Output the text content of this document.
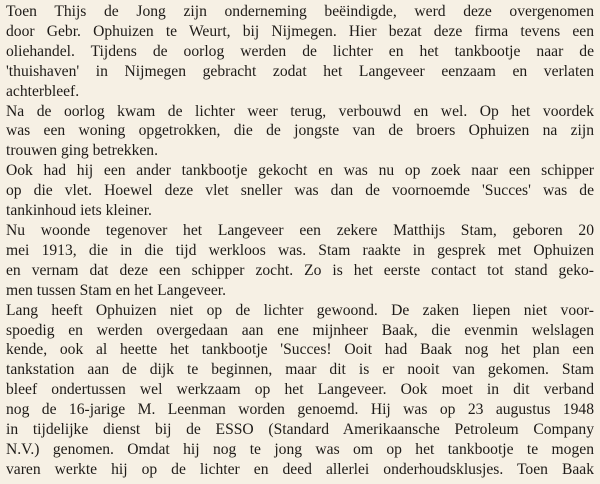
Toen Thijs de Jong zijn onderneming beëindigde, werd deze overgenomen
door Gebr. Ophuizen te Weurt, bij Nijmegen. Hier bezat deze firma tevens een
oliehandel. Tijdens de oorlog werden de lichter en het tankbootje naar de
'thuishaven' in Nijmegen gebracht zodat het Langeveer eenzaam en verlaten
achterbleef.
Na de oorlog kwam de lichter weer terug, verbouwd en wel. Op het voordek
was een woning opgetrokken, die de jongste van de broers Ophuizen na zijn
trouwen ging betrekken.
Ook had hij een ander tankbootje gekocht en was nu op zoek naar een schipper
op die vlet. Hoewel deze vlet sneller was dan de voornoemde 'Succes' was de
tankinhoud iets kleiner.
Nu woonde tegenover het Langeveer een zekere Matthijs Stam, geboren 20
mei 1913, die in die tijd werkloos was. Stam raakte in gesprek met Ophuizen
en vernam dat deze een schipper zocht. Zo is het eerste contact tot stand geko-
men tussen Stam en het Langeveer.
Lang heeft Ophuizen niet op de lichter gewoond. De zaken liepen niet voor-
spoedig en werden overgedaan aan ene mijnheer Baak, die evenmin welslagen
kende, ook al heette het tankbootje 'Succes! Ooit had Baak nog het plan een
tankstation aan de dijk te beginnen, maar dit is er nooit van gekomen. Stam
bleef ondertussen wel werkzaam op het Langeveer. Ook moet in dit verband
nog de 16-jarige M. Leenman worden genoemd. Hij was op 23 augustus 1948
in tijdelijke dienst bij de ESSO (Standard Amerikaansche Petroleum Company
N.V.) genomen. Omdat hij nog te jong was om op het tankbootje te mogen
varen werkte hij op de lichter en deed allerlei onderhoudsklusjes. Toen Baak
